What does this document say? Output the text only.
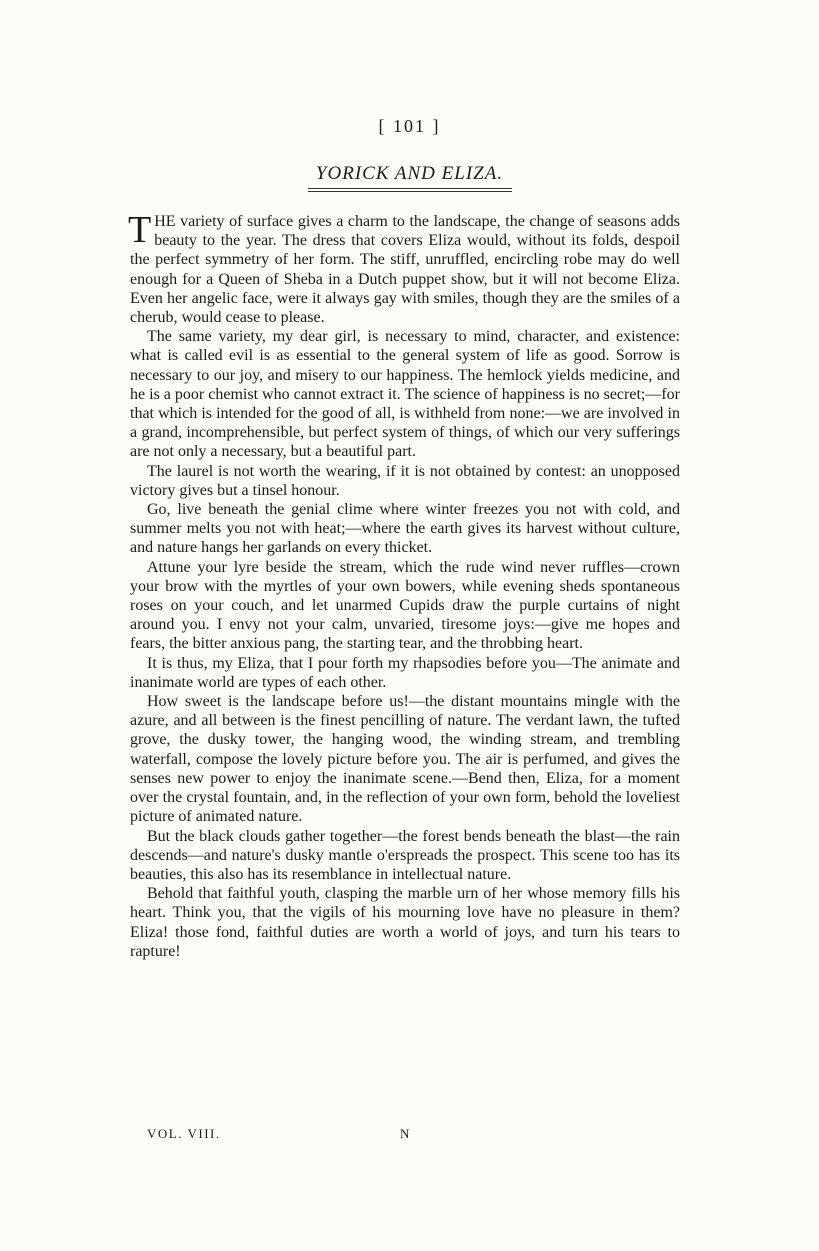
[ 101 ]
YORICK AND ELIZA.

THE variety of surface gives a charm to the landscape, the change of seasons adds beauty to the year. The dress that covers Eliza would, without its folds, despoil the perfect symmetry of her form. The stiff, unruffled, encircling robe may do well enough for a Queen of Sheba in a Dutch puppet show, but it will not become Eliza. Even her angelic face, were it always gay with smiles, though they are the smiles of a cherub, would cease to please.

The same variety, my dear girl, is necessary to mind, character, and existence: what is called evil is as essential to the general system of life as good. Sorrow is necessary to our joy, and misery to our happiness. The hemlock yields medicine, and he is a poor chemist who cannot extract it. The science of happiness is no secret;—for that which is intended for the good of all, is withheld from none:—we are involved in a grand, incomprehensible, but perfect system of things, of which our very sufferings are not only a necessary, but a beautiful part.

The laurel is not worth the wearing, if it is not obtained by contest: an unopposed victory gives but a tinsel honour.

Go, live beneath the genial clime where winter freezes you not with cold, and summer melts you not with heat;—where the earth gives its harvest without culture, and nature hangs her garlands on every thicket.

Attune your lyre beside the stream, which the rude wind never ruffles—crown your brow with the myrtles of your own bowers, while evening sheds spontaneous roses on your couch, and let unarmed Cupids draw the purple curtains of night around you. I envy not your calm, unvaried, tiresome joys:—give me hopes and fears, the bitter anxious pang, the starting tear, and the throbbing heart.

It is thus, my Eliza, that I pour forth my rhapsodies before you—The animate and inanimate world are types of each other.

How sweet is the landscape before us!—the distant mountains mingle with the azure, and all between is the finest pencilling of nature. The verdant lawn, the tufted grove, the dusky tower, the hanging wood, the winding stream, and trembling waterfall, compose the lovely picture before you. The air is perfumed, and gives the senses new power to enjoy the inanimate scene.—Bend then, Eliza, for a moment over the crystal fountain, and, in the reflection of your own form, behold the loveliest picture of animated nature.

But the black clouds gather together—the forest bends beneath the blast—the rain descends—and nature's dusky mantle o'erspreads the prospect. This scene too has its beauties, this also has its resemblance in intellectual nature.

Behold that faithful youth, clasping the marble urn of her whose memory fills his heart. Think you, that the vigils of his mourning love have no pleasure in them? Eliza! those fond, faithful duties are worth a world of joys, and turn his tears to rapture!

VOL. VIII.	N
